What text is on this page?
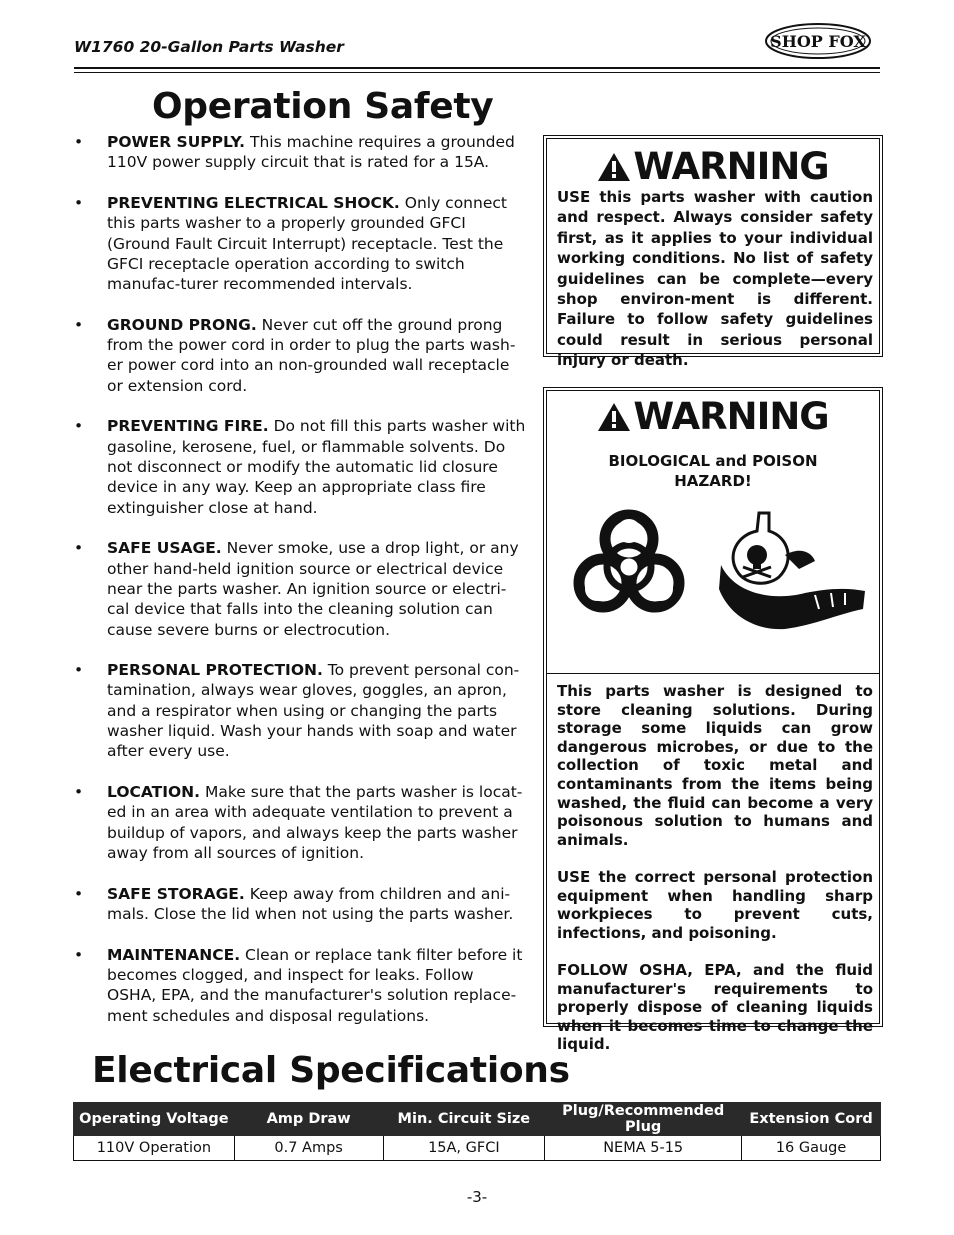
W1760 20-Gallon Parts Washer	SHOP FOX
Operation Safety
• POWER SUPPLY. This machine requires a grounded 110V power supply circuit that is rated for a 15A.
• PREVENTING ELECTRICAL SHOCK. Only connect this parts washer to a properly grounded GFCI (Ground Fault Circuit Interrupt) receptacle. Test the GFCI receptacle operation according to switch manufac-turer recommended intervals.
• GROUND PRONG. Never cut off the ground prong from the power cord in order to plug the parts wash-er power cord into an non-grounded wall receptacle or extension cord.
• PREVENTING FIRE. Do not fill this parts washer with gasoline, kerosene, fuel, or flammable solvents. Do not disconnect or modify the automatic lid closure device in any way. Keep an appropriate class fire extinguisher close at hand.
• SAFE USAGE. Never smoke, use a drop light, or any other hand-held ignition source or electrical device near the parts washer. An ignition source or electri-cal device that falls into the cleaning solution can cause severe burns or electrocution.
• PERSONAL PROTECTION. To prevent personal con-tamination, always wear gloves, goggles, an apron, and a respirator when using or changing the parts washer liquid. Wash your hands with soap and water after every use.
• LOCATION. Make sure that the parts washer is locat-ed in an area with adequate ventilation to prevent a buildup of vapors, and always keep the parts washer away from all sources of ignition.
• SAFE STORAGE. Keep away from children and ani-mals. Close the lid when not using the parts washer.
• MAINTENANCE. Clean or replace tank filter before it becomes clogged, and inspect for leaks. Follow OSHA, EPA, and the manufacturer's solution replace-ment schedules and disposal regulations.
WARNING
USE this parts washer with caution and respect. Always consider safety first, as it applies to your individual working conditions. No list of safety guidelines can be complete—every shop environ-ment is different. Failure to follow safety guidelines could result in serious personal injury or death.
WARNING
BIOLOGICAL and POISON HAZARD!

This parts washer is designed to store cleaning solutions. During storage some liquids can grow dangerous microbes, or due to the collection of toxic metal and contaminants from the items being washed, the fluid can become a very poisonous solution to humans and animals.

USE the correct personal protection equipment when handling sharp workpieces to prevent cuts, infections, and poisoning.

FOLLOW OSHA, EPA, and the fluid manufacturer's requirements to properly dispose of cleaning liquids when it becomes time to change the liquid.

Electrical Specifications
Operating Voltage	Amp Draw	Min. Circuit Size	Plug/Recommended Plug	Extension Cord
110V Operation	0.7 Amps	15A, GFCI	NEMA 5-15	16 Gauge
-3-
